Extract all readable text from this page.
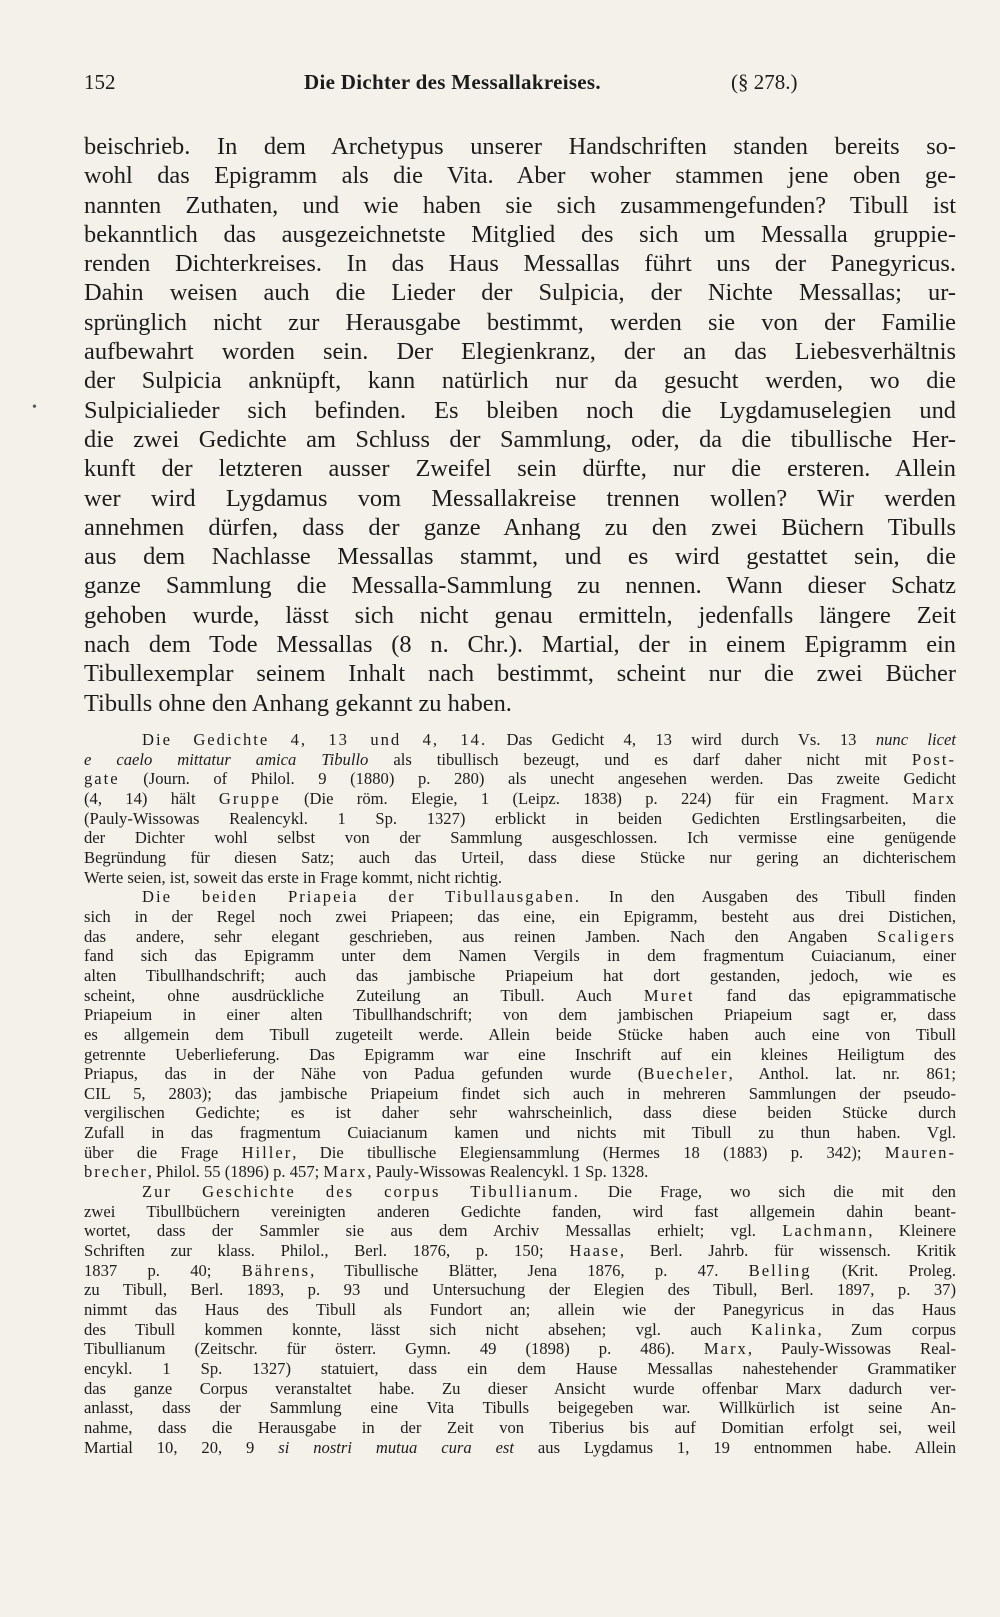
152	Die Dichter des Messallakreises.	(§ 278.)
•
beischrieb. In dem Archetypus unserer Handschriften standen bereits so-
wohl das Epigramm als die Vita. Aber woher stammen jene oben ge-
nannten Zuthaten, und wie haben sie sich zusammengefunden? Tibull ist
bekanntlich das ausgezeichnetste Mitglied des sich um Messalla gruppie-
renden Dichterkreises. In das Haus Messallas führt uns der Panegyricus.
Dahin weisen auch die Lieder der Sulpicia, der Nichte Messallas; ur-
sprünglich nicht zur Herausgabe bestimmt, werden sie von der Familie
aufbewahrt worden sein. Der Elegienkranz, der an das Liebesverhältnis
der Sulpicia anknüpft, kann natürlich nur da gesucht werden, wo die
Sulpicialieder sich befinden. Es bleiben noch die Lygdamuselegien und
die zwei Gedichte am Schluss der Sammlung, oder, da die tibullische Her-
kunft der letzteren ausser Zweifel sein dürfte, nur die ersteren. Allein
wer wird Lygdamus vom Messallakreise trennen wollen? Wir werden
annehmen dürfen, dass der ganze Anhang zu den zwei Büchern Tibulls
aus dem Nachlasse Messallas stammt, und es wird gestattet sein, die
ganze Sammlung die Messalla-Sammlung zu nennen. Wann dieser Schatz
gehoben wurde, lässt sich nicht genau ermitteln, jedenfalls längere Zeit
nach dem Tode Messallas (8 n. Chr.). Martial, der in einem Epigramm ein
Tibullexemplar seinem Inhalt nach bestimmt, scheint nur die zwei Bücher
Tibulls ohne den Anhang gekannt zu haben.
Die Gedichte 4, 13 und 4, 14. Das Gedicht 4, 13 wird durch Vs. 13 nunc licet
e caelo mittatur amica Tibullo als tibullisch bezeugt, und es darf daher nicht mit Post-
gate (Journ. of Philol. 9 (1880) p. 280) als unecht angesehen werden. Das zweite Gedicht
(4, 14) hält Gruppe (Die röm. Elegie, 1 (Leipz. 1838) p. 224) für ein Fragment. Marx
(Pauly-Wissowas Realencykl. 1 Sp. 1327) erblickt in beiden Gedichten Erstlingsarbeiten, die
der Dichter wohl selbst von der Sammlung ausgeschlossen. Ich vermisse eine genügende
Begründung für diesen Satz; auch das Urteil, dass diese Stücke nur gering an dichterischem
Werte seien, ist, soweit das erste in Frage kommt, nicht richtig.
Die beiden Priapeia der Tibullausgaben. In den Ausgaben des Tibull finden
sich in der Regel noch zwei Priapeen; das eine, ein Epigramm, besteht aus drei Distichen,
das andere, sehr elegant geschrieben, aus reinen Jamben. Nach den Angaben Scaligers
fand sich das Epigramm unter dem Namen Vergils in dem fragmentum Cuiacianum, einer
alten Tibullhandschrift; auch das jambische Priapeium hat dort gestanden, jedoch, wie es
scheint, ohne ausdrückliche Zuteilung an Tibull. Auch Muret fand das epigrammatische
Priapeium in einer alten Tibullhandschrift; von dem jambischen Priapeium sagt er, dass
es allgemein dem Tibull zugeteilt werde. Allein beide Stücke haben auch eine von Tibull
getrennte Ueberlieferung. Das Epigramm war eine Inschrift auf ein kleines Heiligtum des
Priapus, das in der Nähe von Padua gefunden wurde (Buecheler, Anthol. lat. nr. 861;
CIL 5, 2803); das jambische Priapeium findet sich auch in mehreren Sammlungen der pseudo-
vergilischen Gedichte; es ist daher sehr wahrscheinlich, dass diese beiden Stücke durch
Zufall in das fragmentum Cuiacianum kamen und nichts mit Tibull zu thun haben. Vgl.
über die Frage Hiller, Die tibullische Elegiensammlung (Hermes 18 (1883) p. 342); Mauren-
brecher, Philol. 55 (1896) p. 457; Marx, Pauly-Wissowas Realencykl. 1 Sp. 1328.
Zur Geschichte des corpus Tibullianum. Die Frage, wo sich die mit den
zwei Tibullbüchern vereinigten anderen Gedichte fanden, wird fast allgemein dahin beant-
wortet, dass der Sammler sie aus dem Archiv Messallas erhielt; vgl. Lachmann, Kleinere
Schriften zur klass. Philol., Berl. 1876, p. 150; Haase, Berl. Jahrb. für wissensch. Kritik
1837 p. 40; Bährens, Tibullische Blätter, Jena 1876, p. 47. Belling (Krit. Proleg.
zu Tibull, Berl. 1893, p. 93 und Untersuchung der Elegien des Tibull, Berl. 1897, p. 37)
nimmt das Haus des Tibull als Fundort an; allein wie der Panegyricus in das Haus
des Tibull kommen konnte, lässt sich nicht absehen; vgl. auch Kalinka, Zum corpus
Tibullianum (Zeitschr. für österr. Gymn. 49 (1898) p. 486). Marx, Pauly-Wissowas Real-
encykl. 1 Sp. 1327) statuiert, dass ein dem Hause Messallas nahestehender Grammatiker
das ganze Corpus veranstaltet habe. Zu dieser Ansicht wurde offenbar Marx dadurch ver-
anlasst, dass der Sammlung eine Vita Tibulls beigegeben war. Willkürlich ist seine An-
nahme, dass die Herausgabe in der Zeit von Tiberius bis auf Domitian erfolgt sei, weil
Martial 10, 20, 9 si nostri mutua cura est aus Lygdamus 1, 19 entnommen habe. Allein
